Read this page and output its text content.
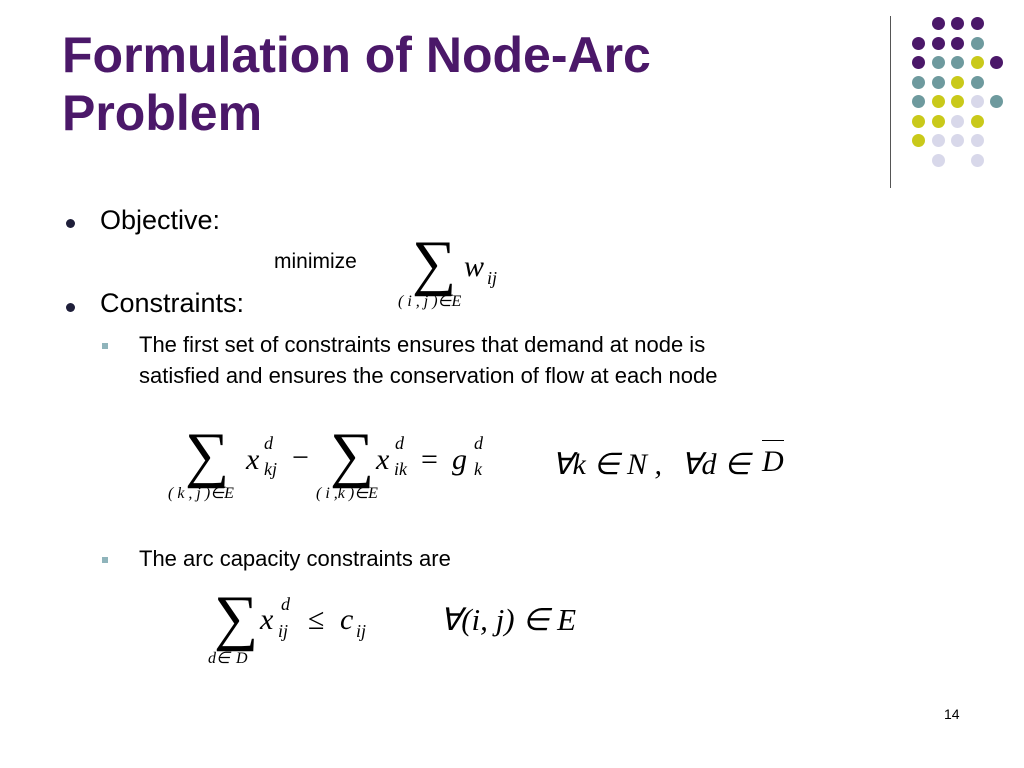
Formulation of Node-Arc Problem
Objective:
minimize ∑ w ij
( i , j )∈E
Constraints:
The first set of constraints ensures that demand at node is
satisfied and ensures the conservation of flow at each node
∑ x d
kj − ∑ x d
ik = g d
k
( k , j )∈E	( i ,k )∈E
∀k ∈ N , ∀d ∈ D
The arc capacity constraints are
∑ x d
ij ≤ c ij
d∈ D
∀(i, j) ∈ E
14
